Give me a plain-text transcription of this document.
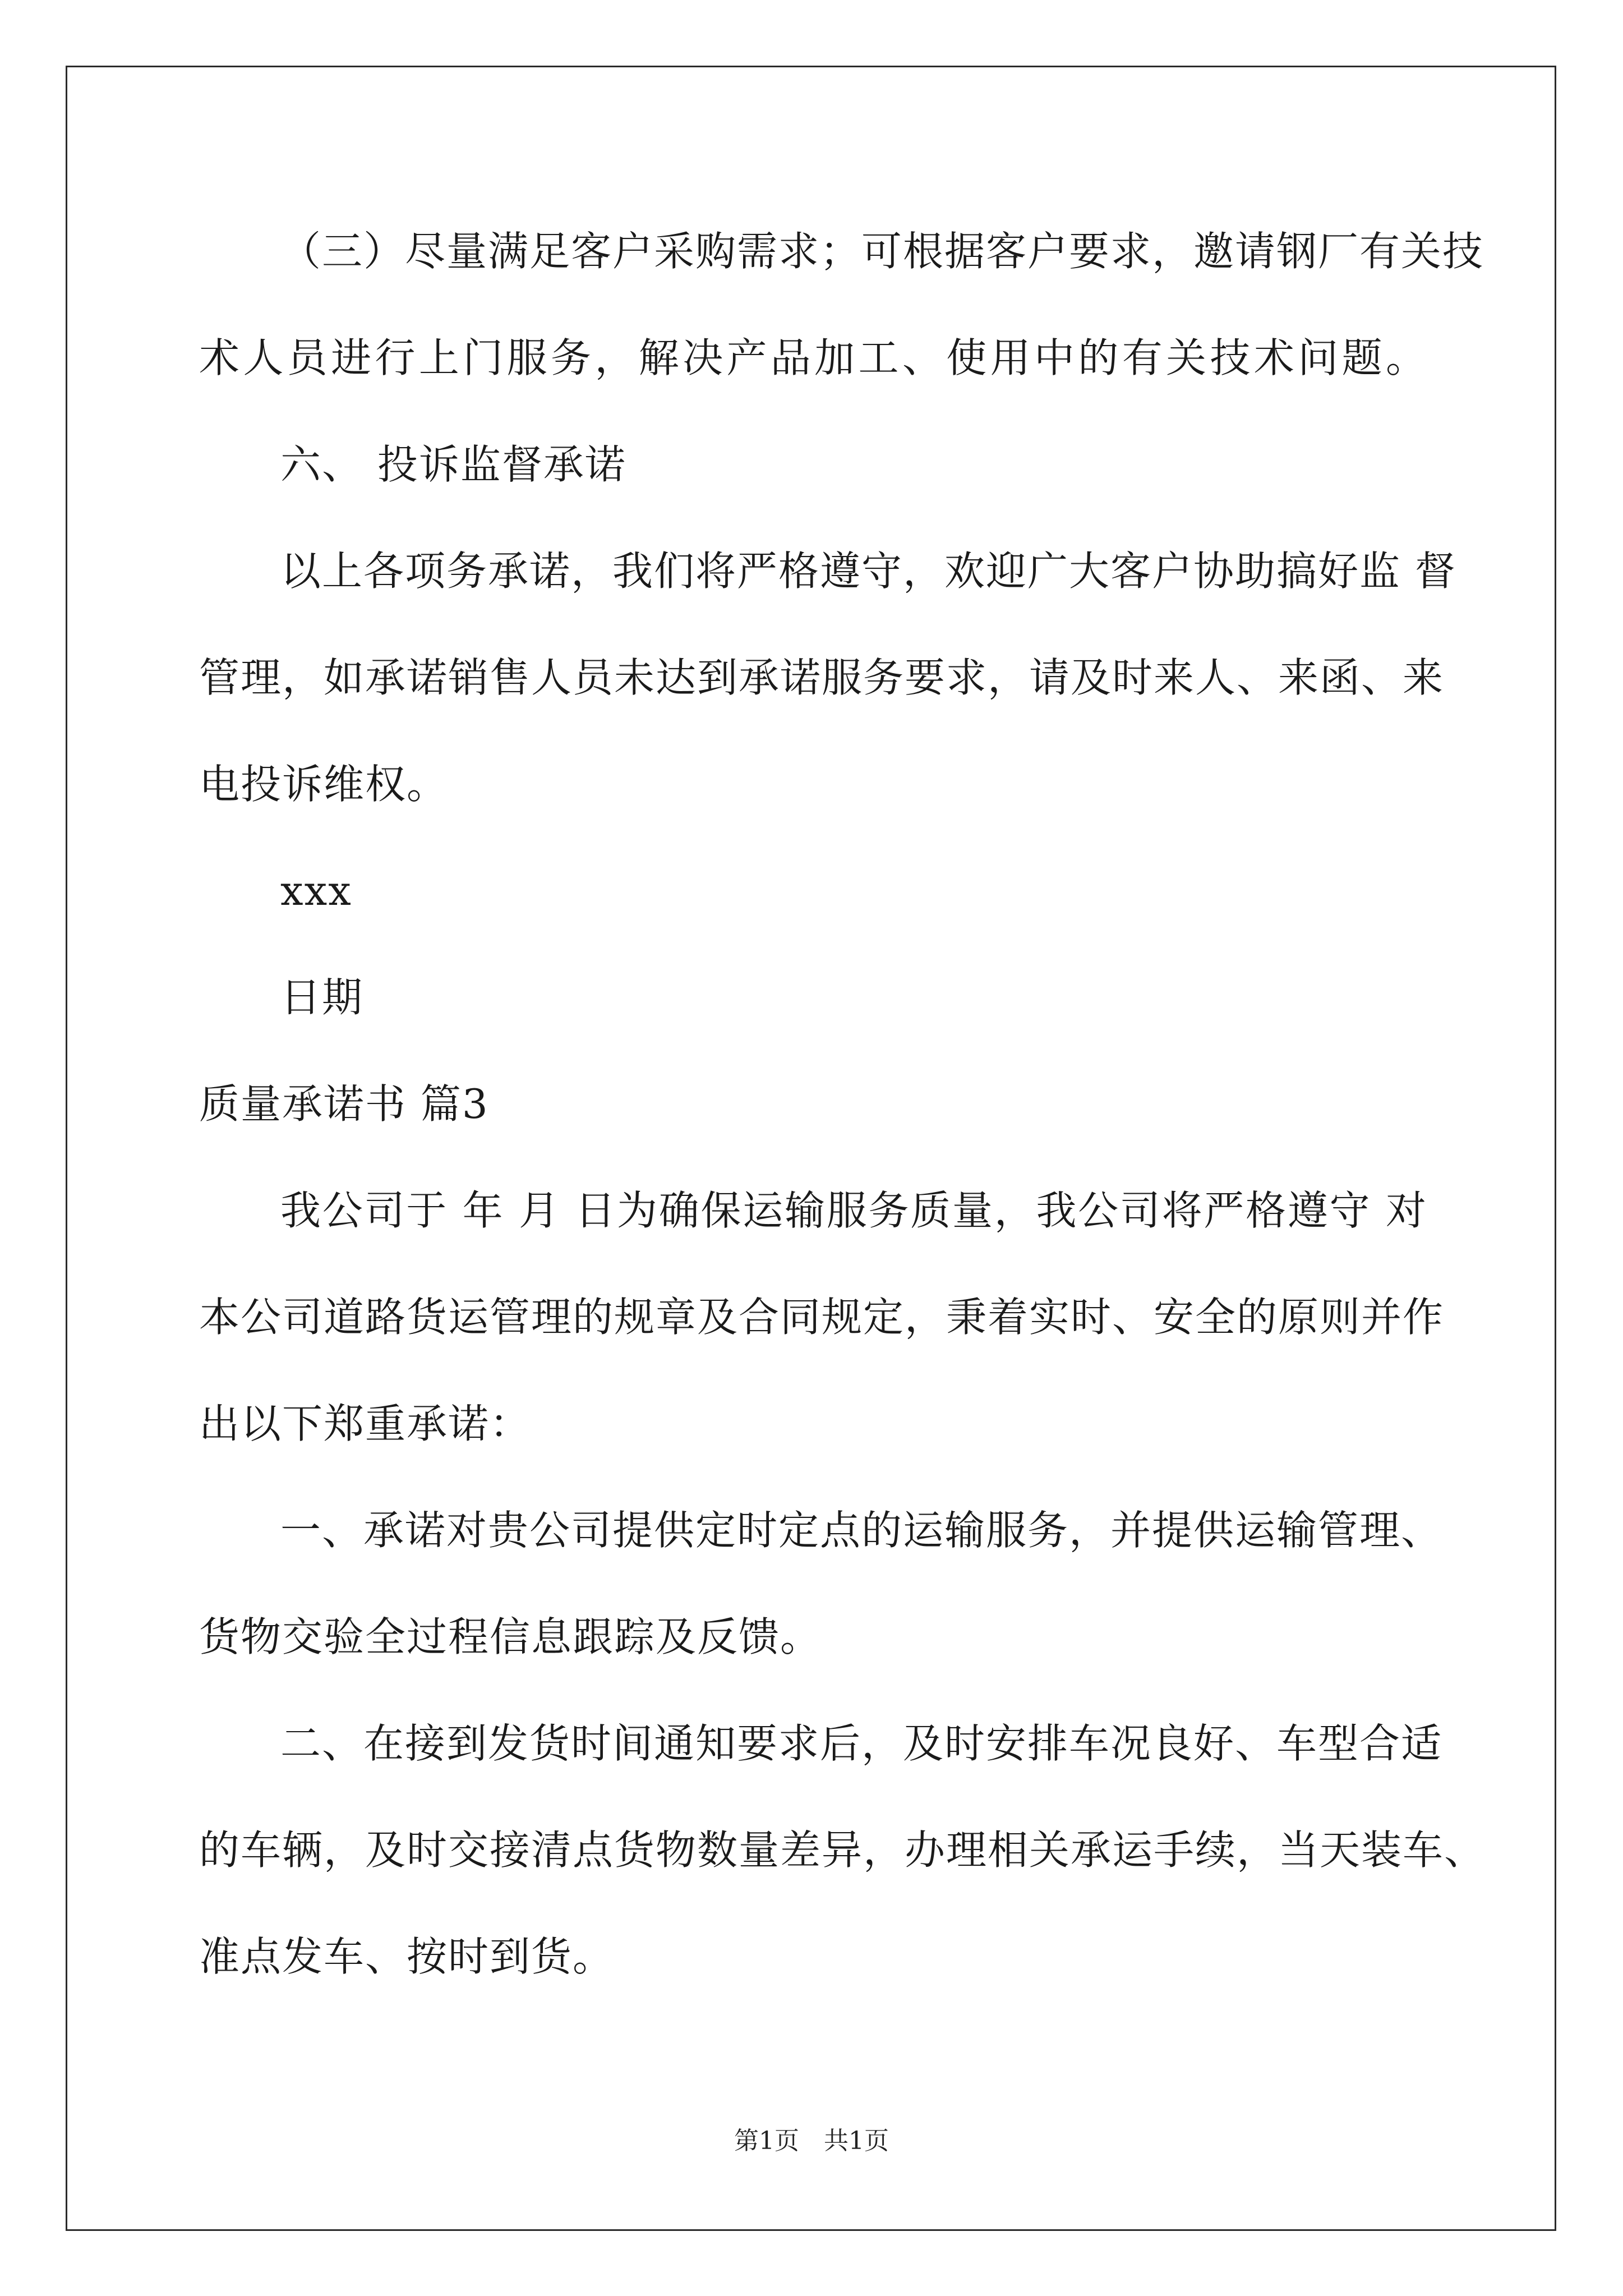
（三）尽量满足客户采购需求；可根据客户要求，邀请钢厂有关技
术人员进行上门服务，解决产品加工、使用中的有关技术问题。
六、 投诉监督承诺
以上各项务承诺，我们将严格遵守，欢迎广大客户协助搞好监 督
管理，如承诺销售人员未达到承诺服务要求，请及时来人、来函、来
电投诉维权。
xxx
日期
质量承诺书 篇3
我公司于 年 月 日为确保运输服务质量，我公司将严格遵守 对
本公司道路货运管理的规章及合同规定，秉着实时、安全的原则并作
出以下郑重承诺：
一、承诺对贵公司提供定时定点的运输服务，并提供运输管理、
货物交验全过程信息跟踪及反馈。
二、在接到发货时间通知要求后，及时安排车况良好、车型合适
的车辆，及时交接清点货物数量差异，办理相关承运手续，当天装车、
准点发车、按时到货。
第1页　共1页
